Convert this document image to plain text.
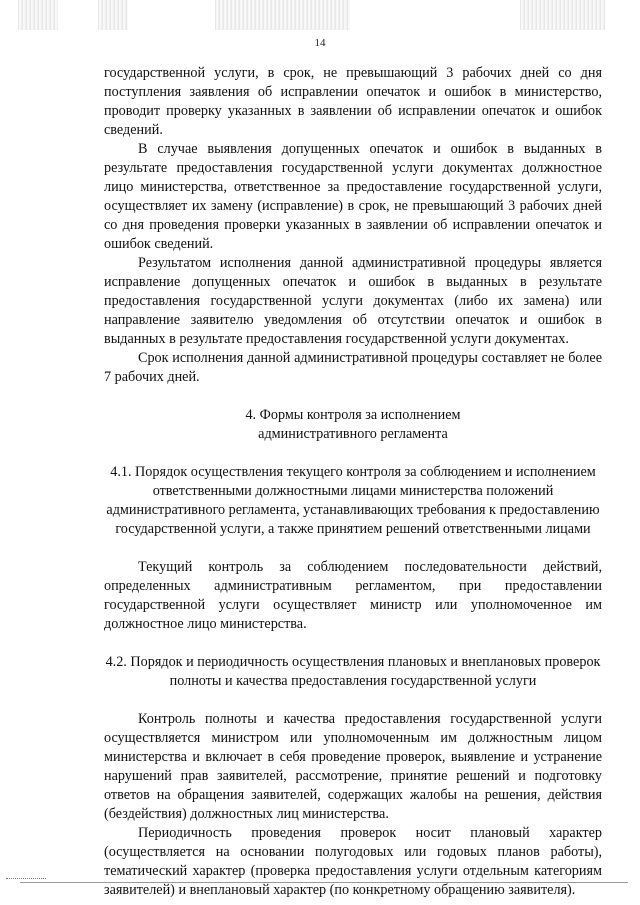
14

государственной услуги, в срок, не превышающий 3 рабочих дней со дня поступления заявления об исправлении опечаток и ошибок в министерство, проводит проверку указанных в заявлении об исправлении опечаток и ошибок сведений.

В случае выявления допущенных опечаток и ошибок в выданных в результате предоставления государственной услуги документах должностное лицо министерства, ответственное за предоставление государственной услуги, осуществляет их замену (исправление) в срок, не превышающий 3 рабочих дней со дня проведения проверки указанных в заявлении об исправлении опечаток и ошибок сведений.

Результатом исполнения данной административной процедуры является исправление допущенных опечаток и ошибок в выданных в результате предоставления государственной услуги документах (либо их замена) или направление заявителю уведомления об отсутствии опечаток и ошибок в выданных в результате предоставления государственной услуги документах.

Срок исполнения данной административной процедуры составляет не более 7 рабочих дней.

4. Формы контроля за исполнением
административного регламента
4.1. Порядок осуществления текущего контроля за соблюдением и исполнением ответственными должностными лицами министерства положений административного регламента, устанавливающих требования к предоставлению государственной услуги, а также принятием решений ответственными лицами

Текущий контроль за соблюдением последовательности действий, определенных административным регламентом, при предоставлении государственной услуги осуществляет министр или уполномоченное им должностное лицо министерства.

4.2. Порядок и периодичность осуществления плановых и внеплановых проверок полноты и качества предоставления государственной услуги

Контроль полноты и качества предоставления государственной услуги осуществляется министром или уполномоченным им должностным лицом министерства и включает в себя проведение проверок, выявление и устранение нарушений прав заявителей, рассмотрение, принятие решений и подготовку ответов на обращения заявителей, содержащих жалобы на решения, действия (бездействия) должностных лиц министерства.

Периодичность проведения проверок носит плановый характер (осуществляется на основании полугодовых или годовых планов работы), тематический характер (проверка предоставления услуги отдельным категориям заявителей) и внеплановый характер (по конкретному обращению заявителя).
